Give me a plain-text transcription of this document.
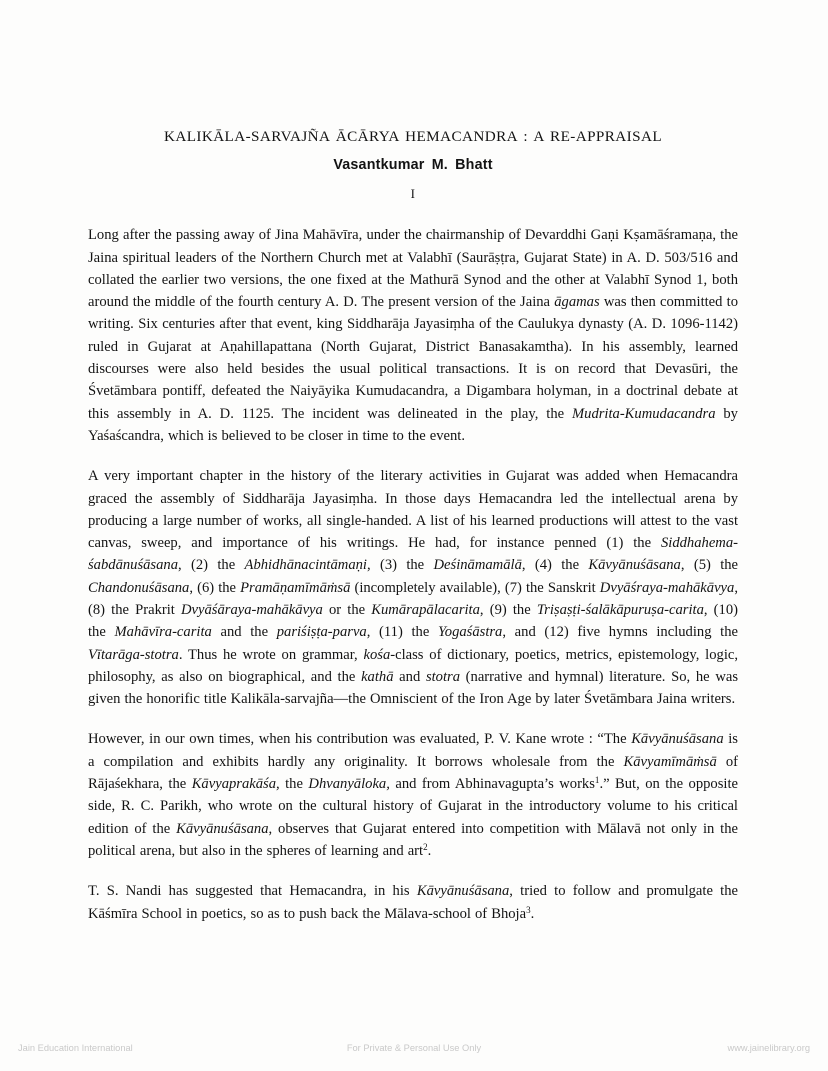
KALIKĀLA-SARVAJÑA ĀCĀRYA HEMACANDRA : A RE-APPRAISAL
Vasantkumar M. Bhatt
I

Long after the passing away of Jina Mahāvīra, under the chairmanship of Devarddhi Gaṇi Kṣamāśramaṇa, the Jaina spiritual leaders of the Northern Church met at Valabhī (Saurāṣṭra, Gujarat State) in A. D. 503/516 and collated the earlier two versions, the one fixed at the Mathurā Synod and the other at Valabhī Synod 1, both around the middle of the fourth century A. D. The present version of the Jaina āgamas was then committed to writing. Six centuries after that event, king Siddharāja Jayasiṃha of the Caulukya dynasty (A. D. 1096-1142) ruled in Gujarat at Aṇahillapattana (North Gujarat, District Banasakamtha). In his assembly, learned discourses were also held besides the usual political transactions. It is on record that Devasūri, the Śvetāmbara pontiff, defeated the Naiyāyika Kumudacandra, a Digambara holyman, in a doctrinal debate at this assembly in A. D. 1125. The incident was delineated in the play, the Mudrita-Kumudacandra by Yaśaścandra, which is believed to be closer in time to the event.

A very important chapter in the history of the literary activities in Gujarat was added when Hemacandra graced the assembly of Siddharāja Jayasiṃha. In those days Hemacandra led the intellectual arena by producing a large number of works, all single-handed. A list of his learned productions will attest to the vast canvas, sweep, and importance of his writings. He had, for instance penned (1) the Siddhahema-śabdānuśāsana, (2) the Abhidhānacintāmaṇi, (3) the Deśināmamālā, (4) the Kāvyānuśāsana, (5) the Chandonuśāsana, (6) the Pramāṇamīmāṁsā (incompletely available), (7) the Sanskrit Dvyāśraya-mahākāvya, (8) the Prakrit Dvyāśāraya-mahākāvya or the Kumārapālacarita, (9) the Triṣaṣṭi-śalākāpuruṣa-carita, (10) the Mahāvīra-carita and the pariśiṣṭa-parva, (11) the Yogaśāstra, and (12) five hymns including the Vītarāga-stotra. Thus he wrote on grammar, kośa-class of dictionary, poetics, metrics, epistemology, logic, philosophy, as also on biographical, and the kathā and stotra (narrative and hymnal) literature. So, he was given the honorific title Kalikāla-sarvajña—the Omniscient of the Iron Age by later Śvetāmbara Jaina writers.

However, in our own times, when his contribution was evaluated, P. V. Kane wrote : “The Kāvyānuśāsana is a compilation and exhibits hardly any originality. It borrows wholesale from the Kāvyamīmāṁsā of Rājaśekhara, the Kāvyaprakāśa, the Dhvanyāloka, and from Abhinavagupta’s works$^1$.” But, on the opposite side, R. C. Parikh, who wrote on the cultural history of Gujarat in the introductory volume to his critical edition of the Kāvyānuśāsana, observes that Gujarat entered into competition with Mālavā not only in the political arena, but also in the spheres of learning and art$^2$.

T. S. Nandi has suggested that Hemacandra, in his Kāvyānuśāsana, tried to follow and promulgate the Kāśmīra School in poetics, so as to push back the Mālava-school of Bhoja$^3$.

Jain Education International	For Private & Personal Use Only	www.jainelibrary.org
